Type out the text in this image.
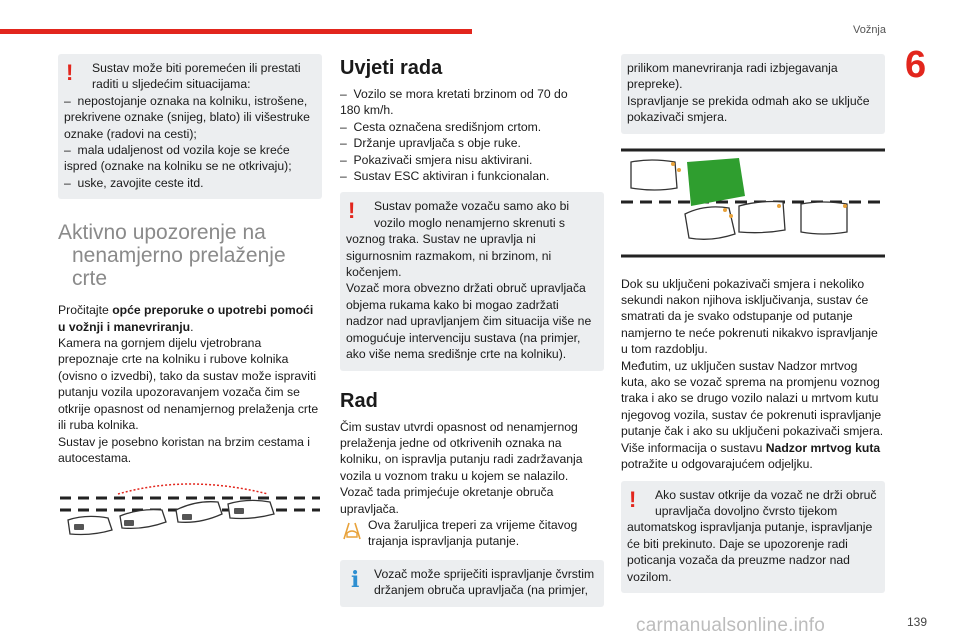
Vožnja
6
139
carmanualsonline.info
!	Sustav može biti poremećen ili prestati
raditi u sljedećim situacijama:
–  nepostojanje oznaka na kolniku, istrošene,
prekrivene oznake (snijeg, blato) ili višestruke
oznake (radovi na cesti);
–  mala udaljenost od vozila koje se kreće
ispred (oznake na kolniku se ne otkrivaju);
–  uske, zavojite ceste itd.
Aktivno upozorenje na
nenamjerno prelaženje
crte
Pročitajte opće preporuke o upotrebi pomoći
u vožnji i manevriranju.
Kamera na gornjem dijelu vjetrobrana
prepoznaje crte na kolniku i rubove kolnika
(ovisno o izvedbi), tako da sustav može ispraviti
putanju vozila upozoravanjem vozača čim se
otkrije opasnost od nenamjernog prelaženja crte
ili ruba kolnika.
Sustav je posebno koristan na brzim cestama i
autocestama.
Uvjeti rada
–  Vozilo se mora kretati brzinom od 70 do
180 km/h.
–  Cesta označena središnjom crtom.
–  Držanje upravljača s obje ruke.
–  Pokazivači smjera nisu aktivirani.
–  Sustav ESC aktiviran i funkcionalan.
!	Sustav pomaže vozaču samo ako bi
vozilo moglo nenamjerno skrenuti s
voznog traka. Sustav ne upravlja ni
sigurnosnim razmakom, ni brzinom, ni
kočenjem.
Vozač mora obvezno držati obruč upravljača
objema rukama kako bi mogao zadržati
nadzor nad upravljanjem čim situacija više ne
omogućuje intervenciju sustava (na primjer,
ako više nema središnje crte na kolniku).
Rad
Čim sustav utvrdi opasnost od nenamjernog
prelaženja jedne od otkrivenih oznaka na
kolniku, on ispravlja putanju radi zadržavanja
vozila u voznom traku u kojem se nalazilo.
Vozač tada primjećuje okretanje obruča
upravljača.
Ova žaruljica treperi za vrijeme čitavog
trajanja ispravljanja putanje.
i	Vozač može spriječiti ispravljanje čvrstim
držanjem obruča upravljača (na primjer,
prilikom manevriranja radi izbjegavanja
prepreke).
Ispravljanje se prekida odmah ako se uključe
pokazivači smjera.
Dok su uključeni pokazivači smjera i nekoliko
sekundi nakon njihova isključivanja, sustav će
smatrati da je svako odstupanje od putanje
namjerno te neće pokrenuti nikakvo ispravljanje
u tom razdoblju.
Međutim, uz uključen sustav Nadzor mrtvog
kuta, ako se vozač sprema na promjenu voznog
traka i ako se drugo vozilo nalazi u mrtvom kutu
njegovog vozila, sustav će pokrenuti ispravljanje
putanje čak i ako su uključeni pokazivači smjera.
Više informacija o sustavu Nadzor mrtvog kuta
potražite u odgovarajućem odjeljku.
!	Ako sustav otkrije da vozač ne drži obruč
upravljača dovoljno čvrsto tijekom
automatskog ispravljanja putanje, ispravljanje
će biti prekinuto. Daje se upozorenje radi
poticanja vozača da preuzme nadzor nad
vozilom.
